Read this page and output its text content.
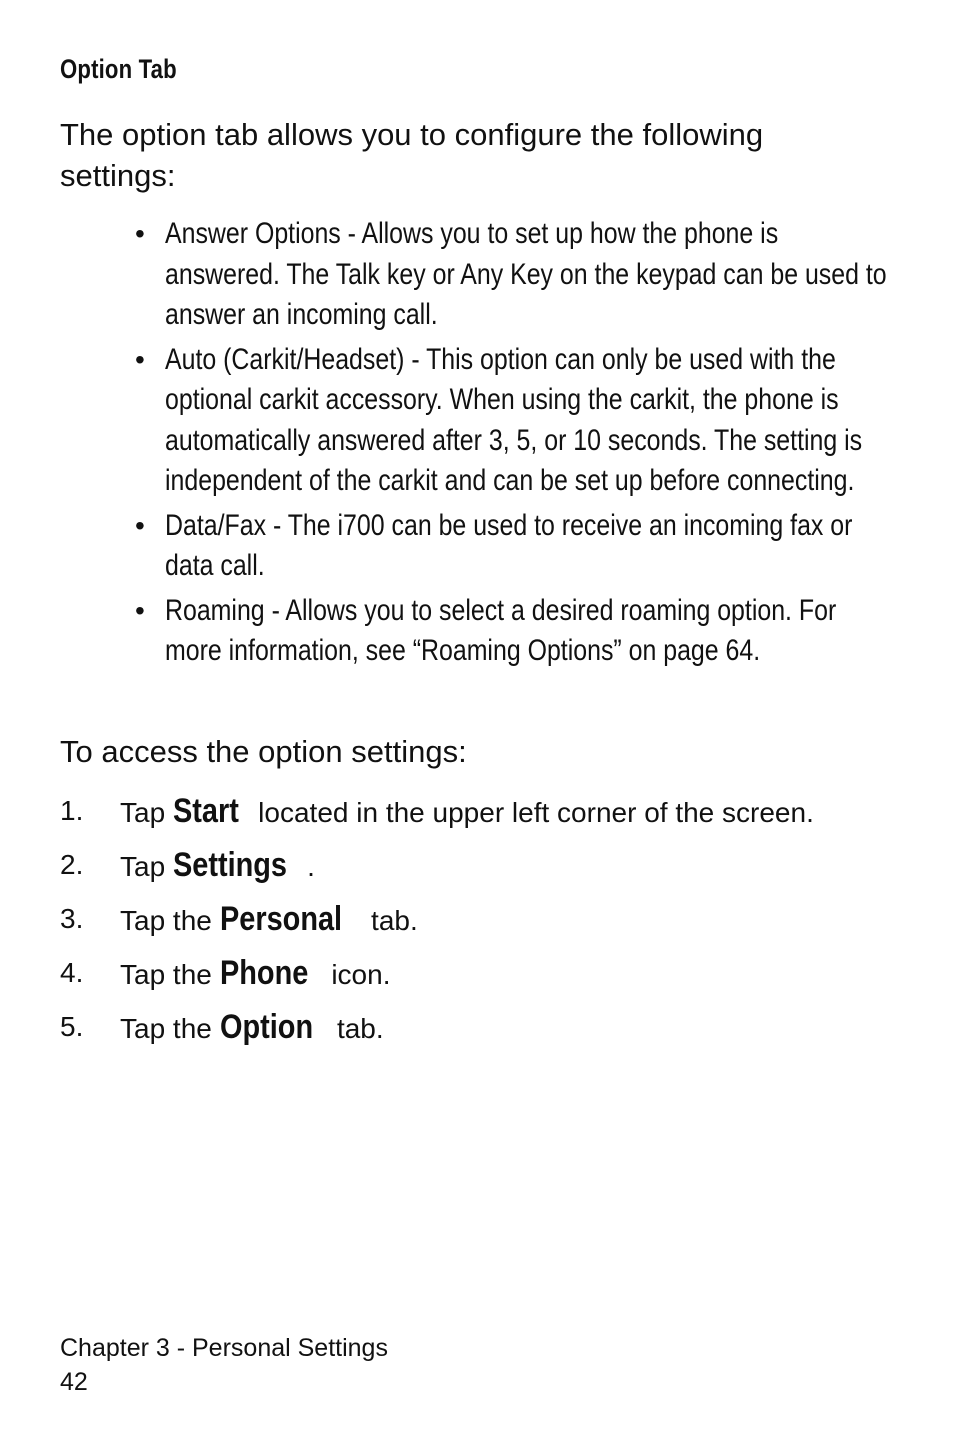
Option Tab
The option tab allows you to configure the following settings:
• Answer Options - Allows you to set up how the phone is answered. The Talk key or Any Key on the keypad can be used to answer an incoming call.
• Auto (Carkit/Headset) - This option can only be used with the optional carkit accessory. When using the carkit, the phone is automatically answered after 3, 5, or 10 seconds. The setting is independent of the carkit and can be set up before connecting.
• Data/Fax - The i700 can be used to receive an incoming fax or data call.
• Roaming - Allows you to select a desired roaming option. For more information, see “Roaming Options” on page 64.
To access the option settings:
1. Tap Start located in the upper left corner of the screen.
2. Tap Settings .
3. Tap the Personal tab.
4. Tap the Phone icon.
5. Tap the Option tab.
Chapter 3 - Personal Settings
42
